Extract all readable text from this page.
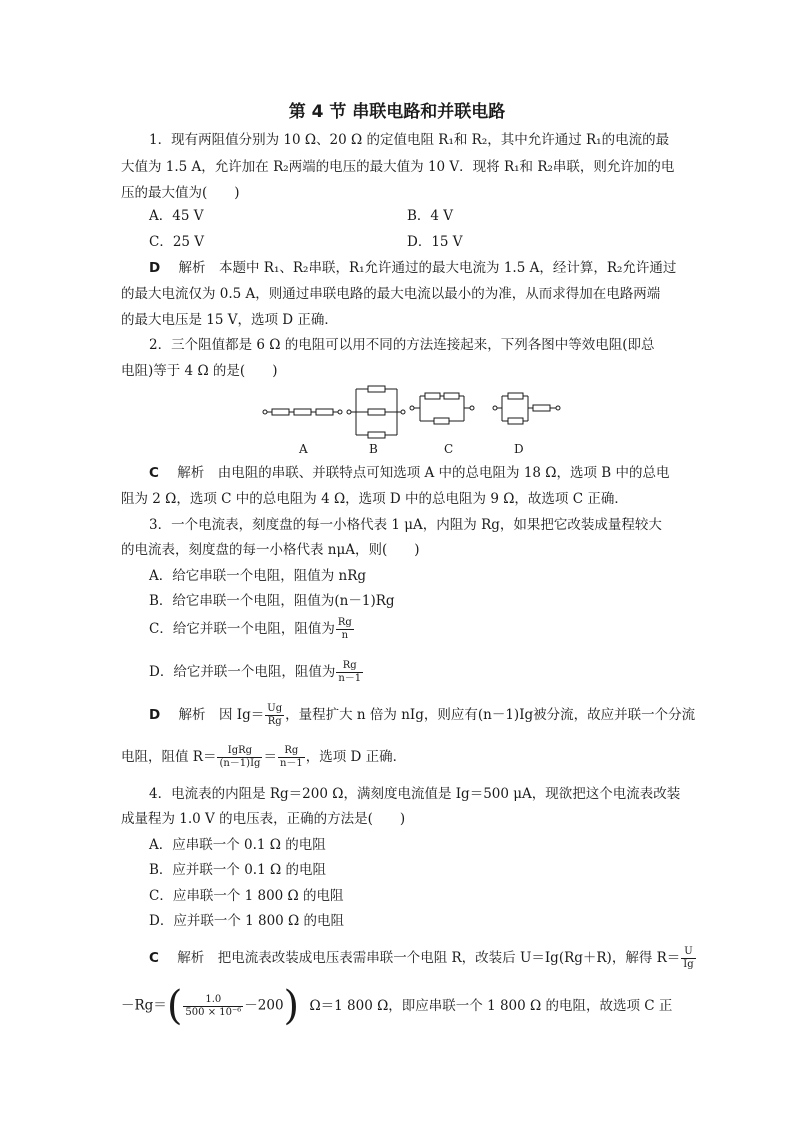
第 4 节 串联电路和并联电路
1．现有两阻值分别为 10 Ω、20 Ω 的定值电阻 R₁和 R₂，其中允许通过 R₁的电流的最
大值为 1.5 A，允许加在 R₂两端的电压的最大值为 10 V．现将 R₁和 R₂串联，则允许加的电
压的最大值为(　　)
A．45 V	B．4 V
C．25 V	D．15 V
D 解析　本题中 R₁、R₂串联，R₁允许通过的最大电流为 1.5 A，经计算，R₂允许通过
的最大电流仅为 0.5 A，则通过串联电路的最大电流以最小的为准，从而求得加在电路两端
的最大电压是 15 V，选项 D 正确．
2．三个阻值都是 6 Ω 的电阻可以用不同的方法连接起来，下列各图中等效电阻(即总
电阻)等于 4 Ω 的是(　　)
A	B	C	D
C 解析　由电阻的串联、并联特点可知选项 A 中的总电阻为 18 Ω，选项 B 中的总电
阻为 2 Ω，选项 C 中的总电阻为 4 Ω，选项 D 中的总电阻为 9 Ω，故选项 C 正确．
3．一个电流表，刻度盘的每一小格代表 1 μA，内阻为 Rg，如果把它改装成量程较大
的电流表，刻度盘的每一小格代表 nμA，则(　　)
A．给它串联一个电阻，阻值为 nRg
B．给它串联一个电阻，阻值为(n－1)Rg
C．给它并联一个电阻，阻值为 $\frac{Rg}{n}$
D．给它并联一个电阻，阻值为 $\frac{Rg}{n-1}$
D 解析　因 $Ig= \frac{Ug}{Rg}$ ，量程扩大 n 倍为 nIg，则应有(n－1)Ig被分流，故应并联一个分流
电阻，阻值 R＝	IgRg
$(n-1)Ig = \frac{Rg}{n-1}$ ，选项 D 正确．
4．电流表的内阻是 Rg＝200 Ω，满刻度电流值是 Ig＝500 μA，现欲把这个电流表改装
成量程为 1.0 V 的电压表，正确的方法是(　　)
A．应串联一个 0.1 Ω 的电阻
B．应并联一个 0.1 Ω 的电阻
C．应串联一个 1 800 Ω 的电阻
D．应并联一个 1 800 Ω 的电阻
C 解析　把电流表改装成电压表需串联一个电阻 R，改装后 U＝Ig(Rg＋R)，解得 $R= \frac{U}{Ig}$
$-Rg=( \frac{1.0}{\text{500 × 10⁻⁶}} -200)$ Ω＝1 800 Ω，即应串联一个 1 800 Ω 的电阻，故选项 C 正
